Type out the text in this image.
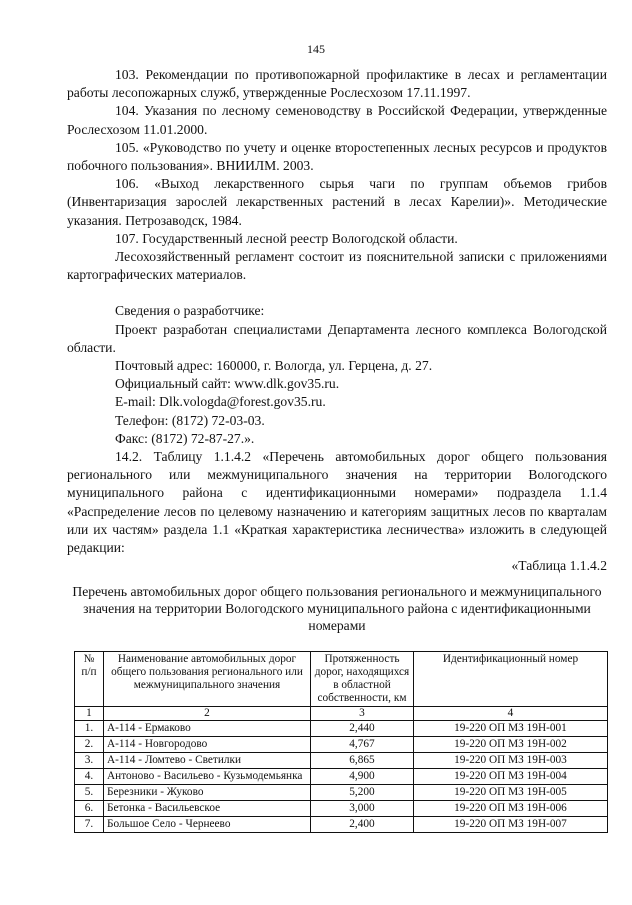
145

103. Рекомендации по противопожарной профилактике в лесах и регламентации работы лесопожарных служб, утвержденные Рослесхозом 17.11.1997.

104. Указания по лесному семеноводству в Российской Федерации, утвержденные Рослесхозом 11.01.2000.

105. «Руководство по учету и оценке второстепенных лесных ресурсов и продуктов побочного пользования». ВНИИЛМ. 2003.

106. «Выход лекарственного сырья чаги по группам объемов грибов (Инвентаризация зарослей лекарственных растений в лесах Карелии)». Методические указания. Петрозаводск, 1984.

107. Государственный лесной реестр Вологодской области.

Лесохозяйственный регламент состоит из пояснительной записки с приложениями картографических материалов.

Сведения о разработчике:

Проект разработан специалистами Департамента лесного комплекса Вологодской области.

Почтовый адрес: 160000, г. Вологда, ул. Герцена, д. 27.

Официальный сайт: www.dlk.gov35.ru.

E-mail: Dlk.vologda@forest.gov35.ru.

Телефон: (8172) 72-03-03.

Факс: (8172) 72-87-27.».

14.2. Таблицу 1.1.4.2 «Перечень автомобильных дорог общего пользования регионального или межмуниципального значения на территории Вологодского муниципального района с идентификационными номерами» подраздела 1.1.4 «Распределение лесов по целевому назначению и категориям защитных лесов по кварталам или их частям» раздела 1.1 «Краткая характеристика лесничества» изложить в следующей редакции:

«Таблица 1.1.4.2

Перечень автомобильных дорог общего пользования регионального и межмуниципального значения на территории Вологодского муниципального района с идентификационными номерами
№ п/п	Наименование автомобильных дорог общего пользования регионального или межмуниципального значения	Протяженность дорог, находящихся в областной собственности, км	Идентификационный номер
1	2	3	4
1.	А-114 - Ермаково	2,440	19-220 ОП МЗ 19Н-001
2.	А-114 - Новгородово	4,767	19-220 ОП МЗ 19Н-002
3.	А-114 - Ломтево - Светилки	6,865	19-220 ОП МЗ 19Н-003
4.	Антоново - Васильево - Кузьмодемьянка	4,900	19-220 ОП МЗ 19Н-004
5.	Березники - Жуково	5,200	19-220 ОП МЗ 19Н-005
6.	Бетонка - Васильевское	3,000	19-220 ОП МЗ 19Н-006
7.	Большое Село - Чернеево	2,400	19-220 ОП МЗ 19Н-007
